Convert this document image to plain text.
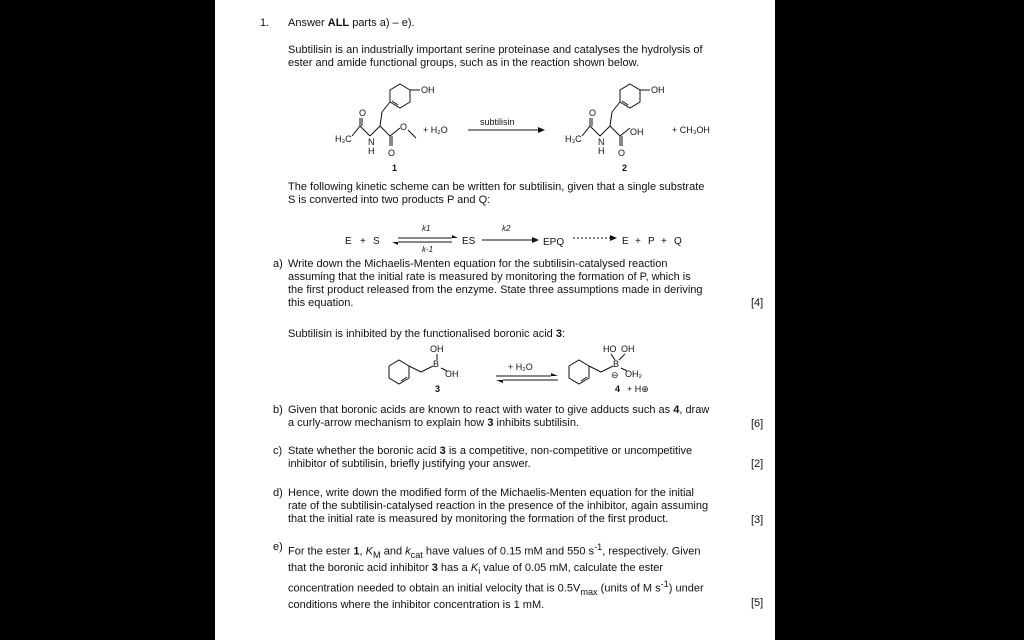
1. Answer ALL parts a) – e).
Subtilisin is an industrially important serine proteinase and catalyses the hydrolysis of
ester and amide functional groups, such as in the reaction shown below.
OH
H₃C
O
N
H
O
O
OH
H₃C
O
N
H
OH
O
+ H₂O
subtilisin
+ CH₃OH
1	2
The following kinetic scheme can be written for subtilisin, given that a single substrate
S is converted into two products P and Q:
E + S
k1
k-1
ES
k2
EPQ	E + P + Q
a) Write down the Michaelis-Menten equation for the subtilisin-catalysed reaction
assuming that the initial rate is measured by monitoring the formation of P, which is
the first product released from the enzyme. State three assumptions made in deriving
this equation.	[4]
Subtilisin is inhibited by the functionalised boronic acid 3:
OH
B
OH
3
+ H₂O
HO OH
B
OH₂
⊖
4 + H⊕
b) Given that boronic acids are known to react with water to give adducts such as 4, draw
a curly-arrow mechanism to explain how 3 inhibits subtilisin.	[6]
c) State whether the boronic acid 3 is a competitive, non-competitive or uncompetitive
inhibitor of subtilisin, briefly justifying your answer.	[2]
d) Hence, write down the modified form of the Michaelis-Menten equation for the initial
rate of the subtilisin-catalysed reaction in the presence of the inhibitor, again assuming
that the initial rate is measured by monitoring the formation of the first product.	[3]
e) For the ester 1, $K_M$ and $k_{cat}$ have values of 0.15 mM and 550 $s^{-1}$, respectively. Given
that the boronic acid inhibitor 3 has a $K_i$ value of 0.05 mM, calculate the ester
concentration needed to obtain an initial velocity that is $0.5V_{max}$ (units of M $s^{-1}$) under
conditions where the inhibitor concentration is 1 mM.	[5]
